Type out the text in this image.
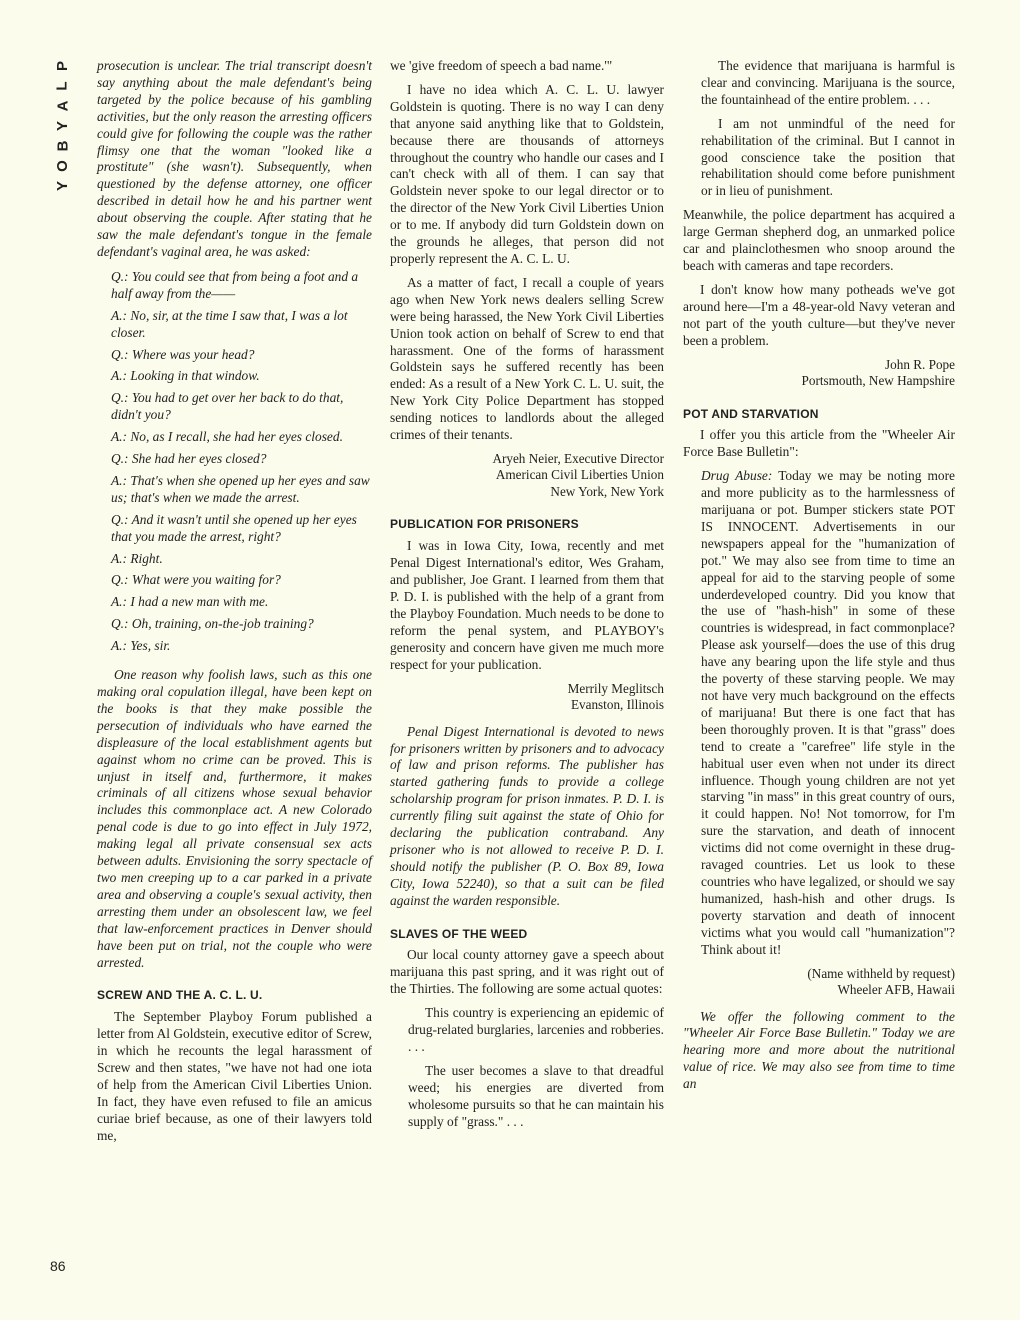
P
L
A
Y
B
O
Y
86

prosecution is unclear. The trial transcript doesn't say anything about the male defendant's being targeted by the police because of his gambling activities, but the only reason the arresting officers could give for following the couple was the rather flimsy one that the woman "looked like a prostitute" (she wasn't). Subsequently, when questioned by the defense attorney, one officer described in detail how he and his partner went about observing the couple. After stating that he saw the male defendant's tongue in the female defendant's vaginal area, he was asked:

Q.: You could see that from being a foot and a half away from the——

A.: No, sir, at the time I saw that, I was a lot closer.

Q.: Where was your head?

A.: Looking in that window.

Q.: You had to get over her back to do that, didn't you?

A.: No, as I recall, she had her eyes closed.

Q.: She had her eyes closed?

A.: That's when she opened up her eyes and saw us; that's when we made the arrest.

Q.: And it wasn't until she opened up her eyes that you made the arrest, right?

A.: Right.

Q.: What were you waiting for?

A.: I had a new man with me.

Q.: Oh, training, on-the-job training?

A.: Yes, sir.

One reason why foolish laws, such as this one making oral copulation illegal, have been kept on the books is that they make possible the persecution of individuals who have earned the displeasure of the local establishment agents but against whom no crime can be proved. This is unjust in itself and, furthermore, it makes criminals of all citizens whose sexual behavior includes this commonplace act. A new Colorado penal code is due to go into effect in July 1972, making legal all private consensual sex acts between adults. Envisioning the sorry spectacle of two men creeping up to a car parked in a private area and observing a couple's sexual activity, then arresting them under an obsolescent law, we feel that law-enforcement practices in Denver should have been put on trial, not the couple who were arrested.

SCREW AND THE A. C. L. U.

The September Playboy Forum published a letter from Al Goldstein, executive editor of Screw, in which he recounts the legal harassment of Screw and then states, "we have not had one iota of help from the American Civil Liberties Union. In fact, they have even refused to file an amicus curiae brief because, as one of their lawyers told me,

we 'give freedom of speech a bad name.'"

I have no idea which A. C. L. U. lawyer Goldstein is quoting. There is no way I can deny that anyone said anything like that to Goldstein, because there are thousands of attorneys throughout the country who handle our cases and I can't check with all of them. I can say that Goldstein never spoke to our legal director or to the director of the New York Civil Liberties Union or to me. If anybody did turn Goldstein down on the grounds he alleges, that person did not properly represent the A. C. L. U.

As a matter of fact, I recall a couple of years ago when New York news dealers selling Screw were being harassed, the New York Civil Liberties Union took action on behalf of Screw to end that harassment. One of the forms of harassment Goldstein says he suffered recently has been ended: As a result of a New York C. L. U. suit, the New York City Police Department has stopped sending notices to landlords about the alleged crimes of their tenants.

Aryeh Neier, Executive Director
American Civil Liberties Union
New York, New York
PUBLICATION FOR PRISONERS

I was in Iowa City, Iowa, recently and met Penal Digest International's editor, Wes Graham, and publisher, Joe Grant. I learned from them that P. D. I. is published with the help of a grant from the Playboy Foundation. Much needs to be done to reform the penal system, and PLAYBOY's generosity and concern have given me much more respect for your publication.

Merrily Meglitsch
Evanston, Illinois

Penal Digest International is devoted to news for prisoners written by prisoners and to advocacy of law and prison reforms. The publisher has started gathering funds to provide a college scholarship program for prison inmates. P. D. I. is currently filing suit against the state of Ohio for declaring the publication contraband. Any prisoner who is not allowed to receive P. D. I. should notify the publisher (P. O. Box 89, Iowa City, Iowa 52240), so that a suit can be filed against the warden responsible.

SLAVES OF THE WEED

Our local county attorney gave a speech about marijuana this past spring, and it was right out of the Thirties. The following are some actual quotes:

This country is experiencing an epidemic of drug-related burglaries, larcenies and robberies. . . .

The user becomes a slave to that dreadful weed; his energies are diverted from wholesome pursuits so that he can maintain his supply of "grass." . . .

The evidence that marijuana is harmful is clear and convincing. Marijuana is the source, the fountainhead of the entire problem. . . .

I am not unmindful of the need for rehabilitation of the criminal. But I cannot in good conscience take the position that rehabilitation should come before punishment or in lieu of punishment.

Meanwhile, the police department has acquired a large German shepherd dog, an unmarked police car and plainclothesmen who snoop around the beach with cameras and tape recorders.

I don't know how many potheads we've got around here—I'm a 48-year-old Navy veteran and not part of the youth culture—but they've never been a problem.

John R. Pope
Portsmouth, New Hampshire
POT AND STARVATION

I offer you this article from the "Wheeler Air Force Base Bulletin":

Drug Abuse: Today we may be noting more and more publicity as to the harmlessness of marijuana or pot. Bumper stickers state POT IS INNOCENT. Advertisements in our newspapers appeal for the "humanization of pot." We may also see from time to time an appeal for aid to the starving people of some underdeveloped country. Did you know that the use of "hash-hish" in some of these countries is widespread, in fact commonplace? Please ask yourself—does the use of this drug have any bearing upon the life style and thus the poverty of these starving people. We may not have very much background on the effects of marijuana! But there is one fact that has been thoroughly proven. It is that "grass" does tend to create a "carefree" life style in the habitual user even when not under its direct influence. Though young children are not yet starving "in mass" in this great country of ours, it could happen. No! Not tomorrow, for I'm sure the starvation, and death of innocent victims did not come overnight in these drug-ravaged countries. Let us look to these countries who have legalized, or should we say humanized, hash-hish and other drugs. Is poverty starvation and death of innocent victims what you would call "humanization"? Think about it!

(Name withheld by request)
Wheeler AFB, Hawaii

We offer the following comment to the "Wheeler Air Force Base Bulletin." Today we are hearing more and more about the nutritional value of rice. We may also see from time to time an
